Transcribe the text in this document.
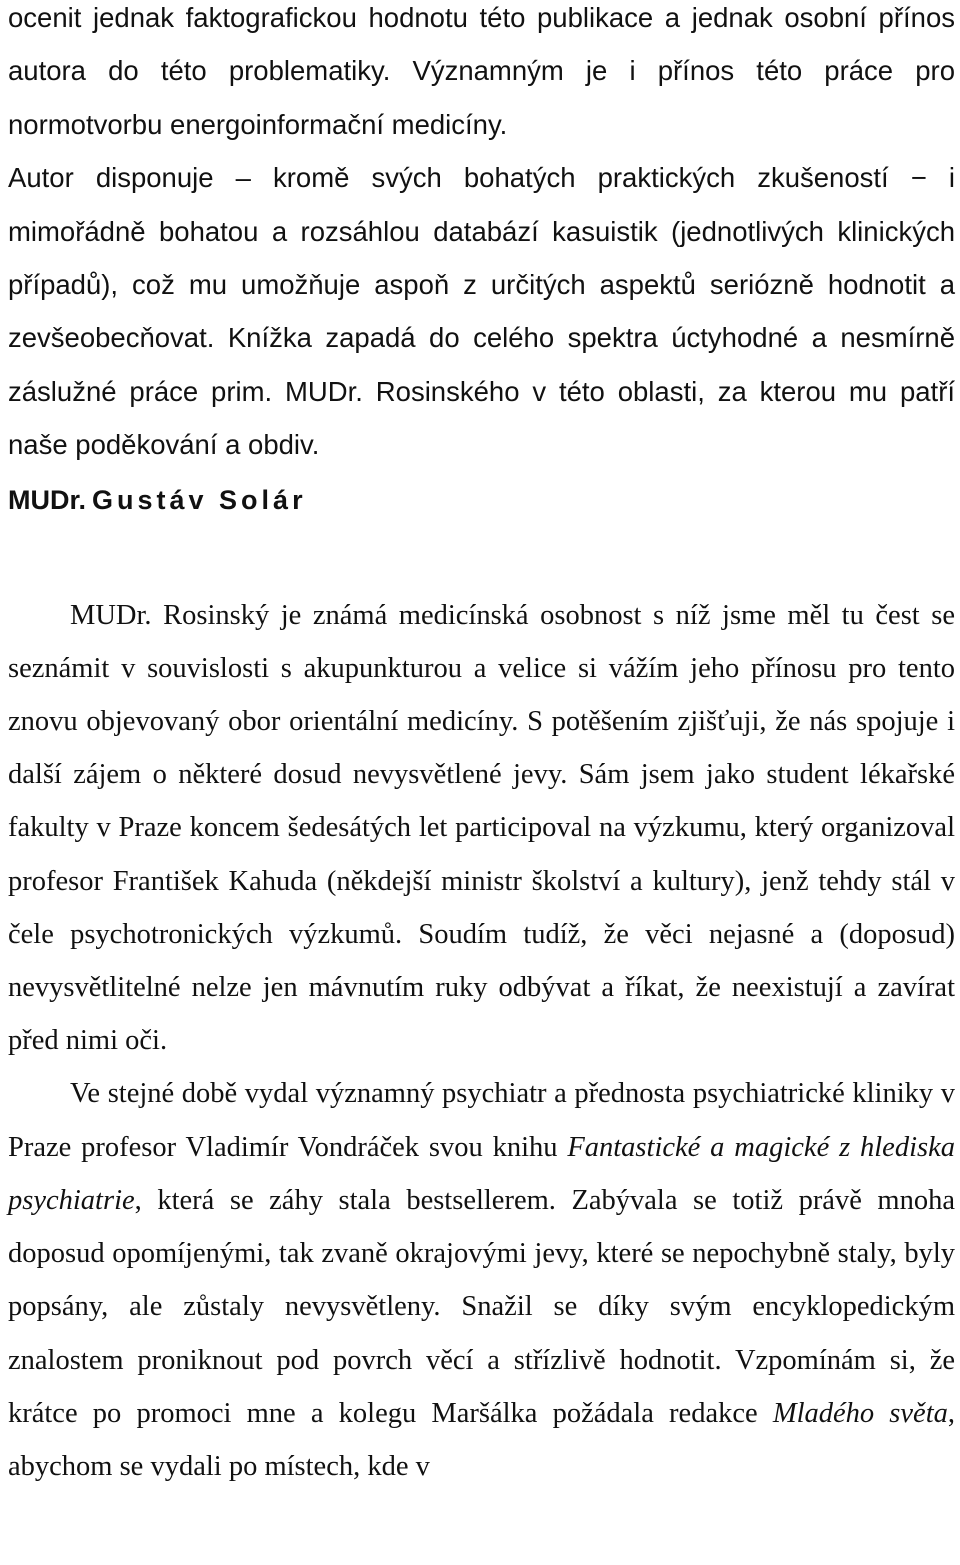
ocenit jednak faktografickou hodnotu této publikace a jednak osobní přínos autora do této problematiky. Významným je i přínos této práce pro normotvorbu energoinformační medicíny.

Autor disponuje – kromě svých bohatých praktických zkušeností − i mimořádně bohatou a rozsáhlou databází kasuistik (jednotlivých klinických případů), což mu umožňuje aspoň z určitých aspektů seriózně hodnotit a zevšeobecňovat. Knížka zapadá do celého spektra úctyhodné a nesmírně záslužné práce prim. MUDr. Rosinského v této oblasti, za kterou mu patří naše poděkování a obdiv.

MUDr. Gustáv Solár

MUDr. Rosinský je známá medicínská osobnost s níž jsme měl tu čest se seznámit v souvislosti s akupunkturou a velice si vážím jeho přínosu pro tento znovu objevovaný obor orientální medicíny. S potěšením zjišťuji, že nás spojuje i další zájem o některé dosud nevysvětlené jevy. Sám jsem jako student lékařské fakulty v Praze koncem šedesátých let participoval na výzkumu, který organizoval profesor František Kahuda (někdejší ministr školství a kultury), jenž tehdy stál v čele psychotronických výzkumů. Soudím tudíž, že věci nejasné a (doposud) nevysvětlitelné nelze jen mávnutím ruky odbývat a říkat, že neexistují a zavírat před nimi oči.

Ve stejné době vydal významný psychiatr a přednosta psychiatrické kliniky v Praze profesor Vladimír Vondráček svou knihu Fantastické a magické z hlediska psychiatrie, která se záhy stala bestsellerem. Zabývala se totiž právě mnoha doposud opomíjenými, tak zvaně okrajovými jevy, které se nepochybně staly, byly popsány, ale zůstaly nevysvětleny. Snažil se díky svým encyklopedickým znalostem proniknout pod povrch věcí a střízlivě hodnotit. Vzpomínám si, že krátce po promoci mne a kolegu Maršálka požádala redakce Mladého světa, abychom se vydali po místech, kde v
